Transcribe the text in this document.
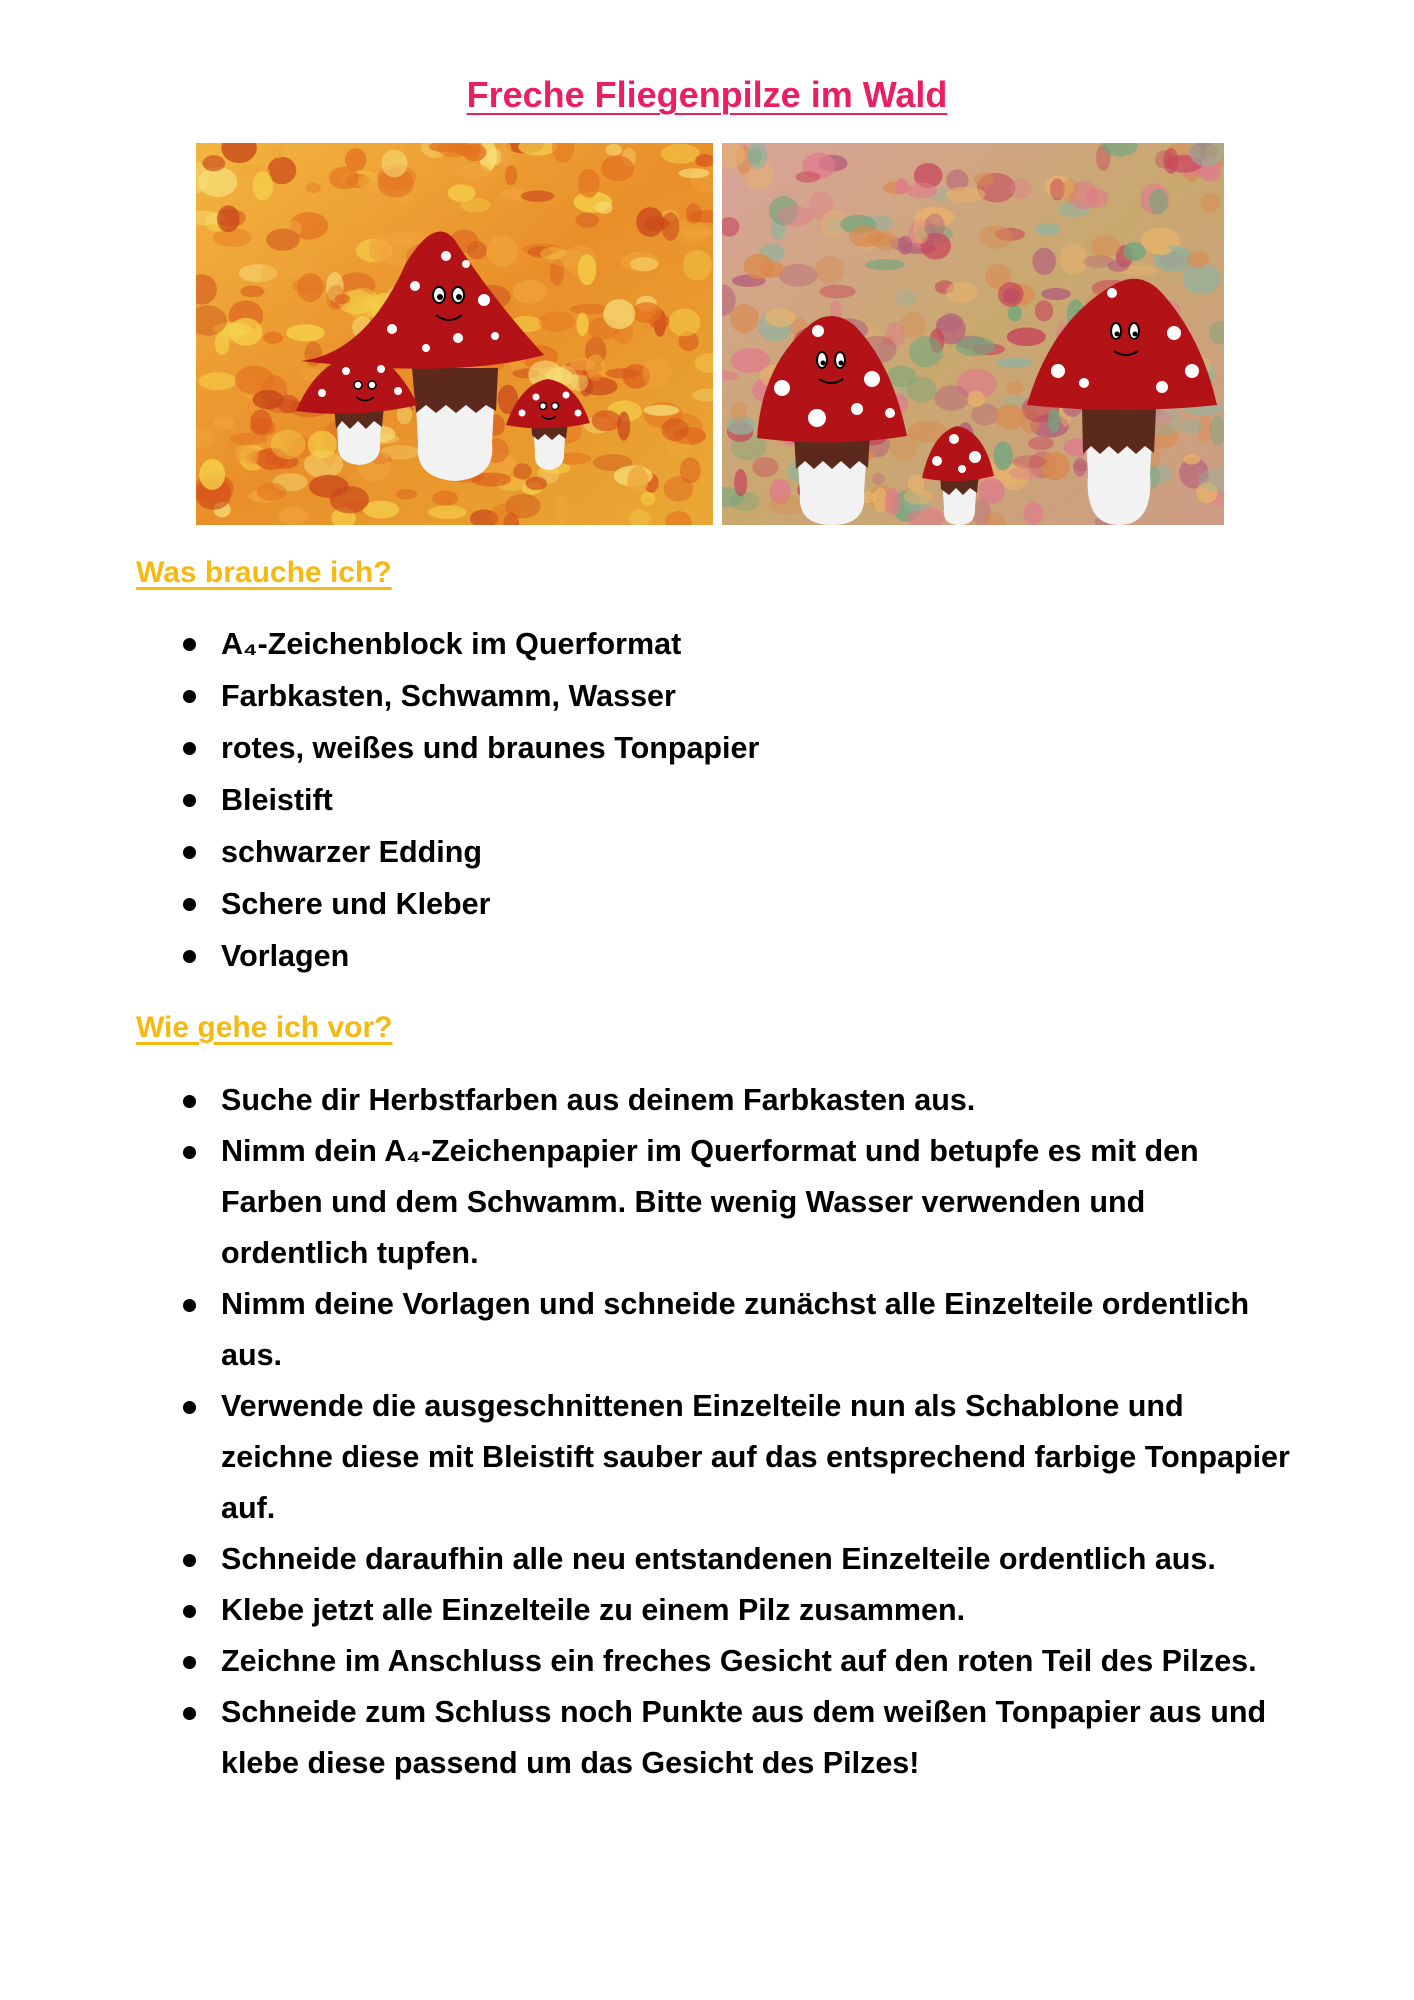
Freche Fliegenpilze im Wald
Was brauche ich?
A₄-Zeichenblock im Querformat
Farbkasten, Schwamm, Wasser
rotes, weißes und braunes Tonpapier
Bleistift
schwarzer Edding
Schere und Kleber
Vorlagen
Wie gehe ich vor?
Suche dir Herbstfarben aus deinem Farbkasten aus.
Nimm dein A₄-Zeichenpapier im Querformat und betupfe es mit den Farben und dem Schwamm. Bitte wenig Wasser verwenden und ordentlich tupfen.
Nimm deine Vorlagen und schneide zunächst alle Einzelteile ordentlich aus.
Verwende die ausgeschnittenen Einzelteile nun als Schablone und zeichne diese mit Bleistift sauber auf das entsprechend farbige Tonpapier auf.
Schneide daraufhin alle neu entstandenen Einzelteile ordentlich aus.
Klebe jetzt alle Einzelteile zu einem Pilz zusammen.
Zeichne im Anschluss ein freches Gesicht auf den roten Teil des Pilzes.
Schneide zum Schluss noch Punkte aus dem weißen Tonpapier aus und klebe diese passend um das Gesicht des Pilzes!
